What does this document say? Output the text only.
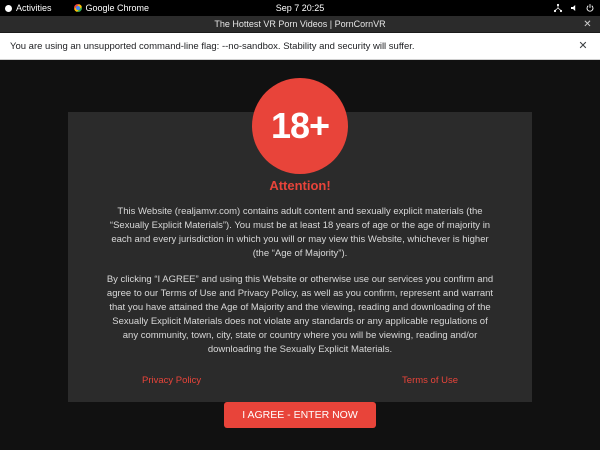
Activities	Google Chrome	Sep 7 20:25
The Hottest VR Porn Videos | PornCornVR	✕
You are using an unsupported command-line flag: --no-sandbox. Stability and security will suffer.	✕
18+
Attention!

This Website (realjamvr.com) contains adult content and sexually explicit materials (the “Sexually Explicit Materials”). You must be at least 18 years of age or the age of majority in each and every jurisdiction in which you will or may view this Website, whichever is higher (the “Age of Majority”).

By clicking “I AGREE” and using this Website or otherwise use our services you confirm and agree to our Terms of Use and Privacy Policy, as well as you confirm, represent and warrant that you have attained the Age of Majority and the viewing, reading and downloading of the Sexually Explicit Materials does not violate any standards or any applicable regulations of any community, town, city, state or country where you will be viewing, reading and/or downloading the Sexually Explicit Materials.

Privacy Policy	Terms of Use
I AGREE - ENTER NOW
